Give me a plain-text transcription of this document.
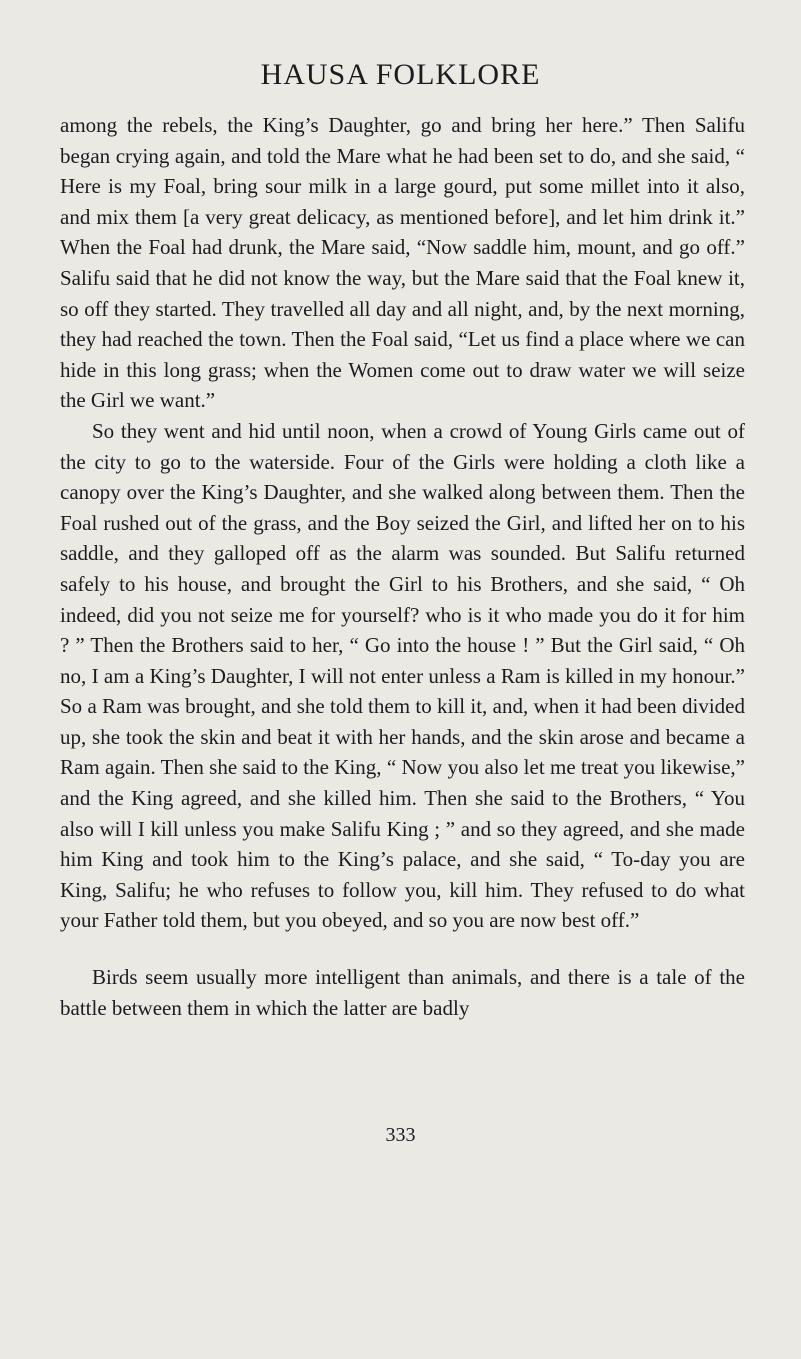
HAUSA FOLKLORE

among the rebels, the King’s Daughter, go and bring her here.” Then Salifu began crying again, and told the Mare what he had been set to do, and she said, “ Here is my Foal, bring sour milk in a large gourd, put some millet into it also, and mix them [a very great delicacy, as mentioned before], and let him drink it.” When the Foal had drunk, the Mare said, “Now saddle him, mount, and go off.” Salifu said that he did not know the way, but the Mare said that the Foal knew it, so off they started. They travelled all day and all night, and, by the next morning, they had reached the town. Then the Foal said, “Let us find a place where we can hide in this long grass; when the Women come out to draw water we will seize the Girl we want.”

So they went and hid until noon, when a crowd of Young Girls came out of the city to go to the waterside. Four of the Girls were holding a cloth like a canopy over the King’s Daughter, and she walked along between them. Then the Foal rushed out of the grass, and the Boy seized the Girl, and lifted her on to his saddle, and they galloped off as the alarm was sounded. But Salifu returned safely to his house, and brought the Girl to his Brothers, and she said, “ Oh indeed, did you not seize me for yourself? who is it who made you do it for him ? ” Then the Brothers said to her, “ Go into the house ! ” But the Girl said, “ Oh no, I am a King’s Daughter, I will not enter unless a Ram is killed in my honour.” So a Ram was brought, and she told them to kill it, and, when it had been divided up, she took the skin and beat it with her hands, and the skin arose and became a Ram again. Then she said to the King, “ Now you also let me treat you likewise,” and the King agreed, and she killed him. Then she said to the Brothers, “ You also will I kill unless you make Salifu King ; ” and so they agreed, and she made him King and took him to the King’s palace, and she said, “ To-day you are King, Salifu; he who refuses to follow you, kill him. They refused to do what your Father told them, but you obeyed, and so you are now best off.”

Birds seem usually more intelligent than animals, and there is a tale of the battle between them in which the latter are badly

333
